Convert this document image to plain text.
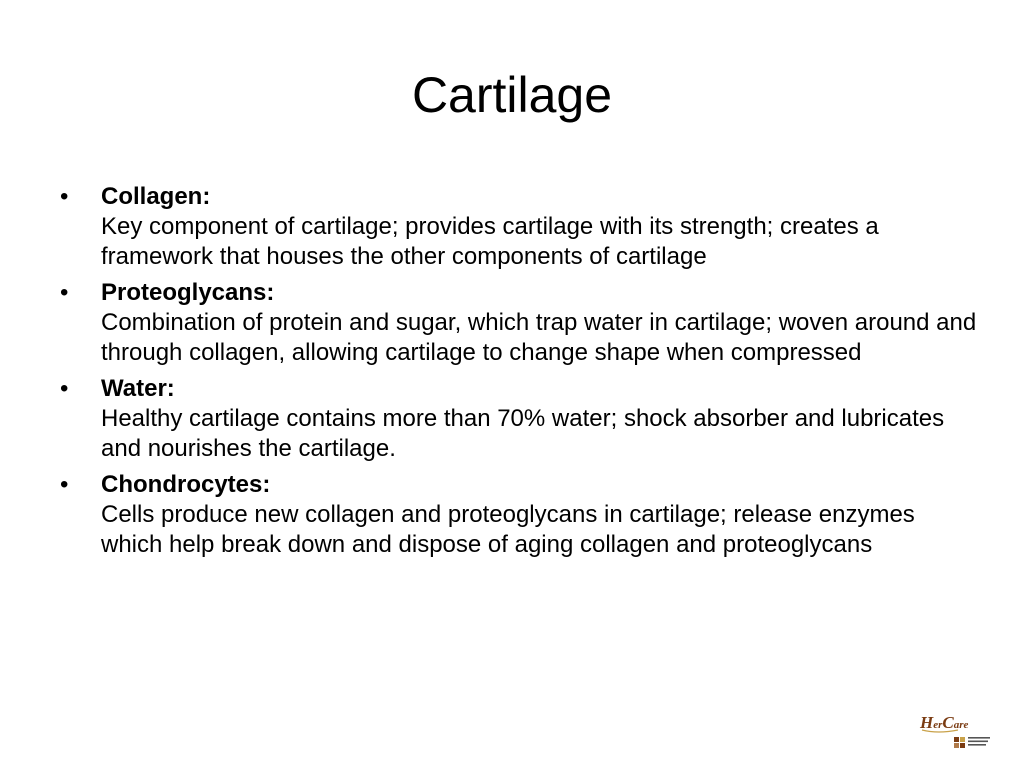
Cartilage
•	Collagen:
Key component of cartilage; provides cartilage with its strength; creates a framework that houses the other components of cartilage
•	Proteoglycans:
Combination of protein and sugar, which trap water in cartilage; woven around and through collagen, allowing cartilage to change shape when compressed
•	Water:
Healthy cartilage contains more than 70% water; shock absorber and lubricates and nourishes the cartilage.
•	Chondrocytes:
Cells produce new collagen and proteoglycans in cartilage; release enzymes which help break down and dispose of aging collagen and proteoglycans
HerCare
